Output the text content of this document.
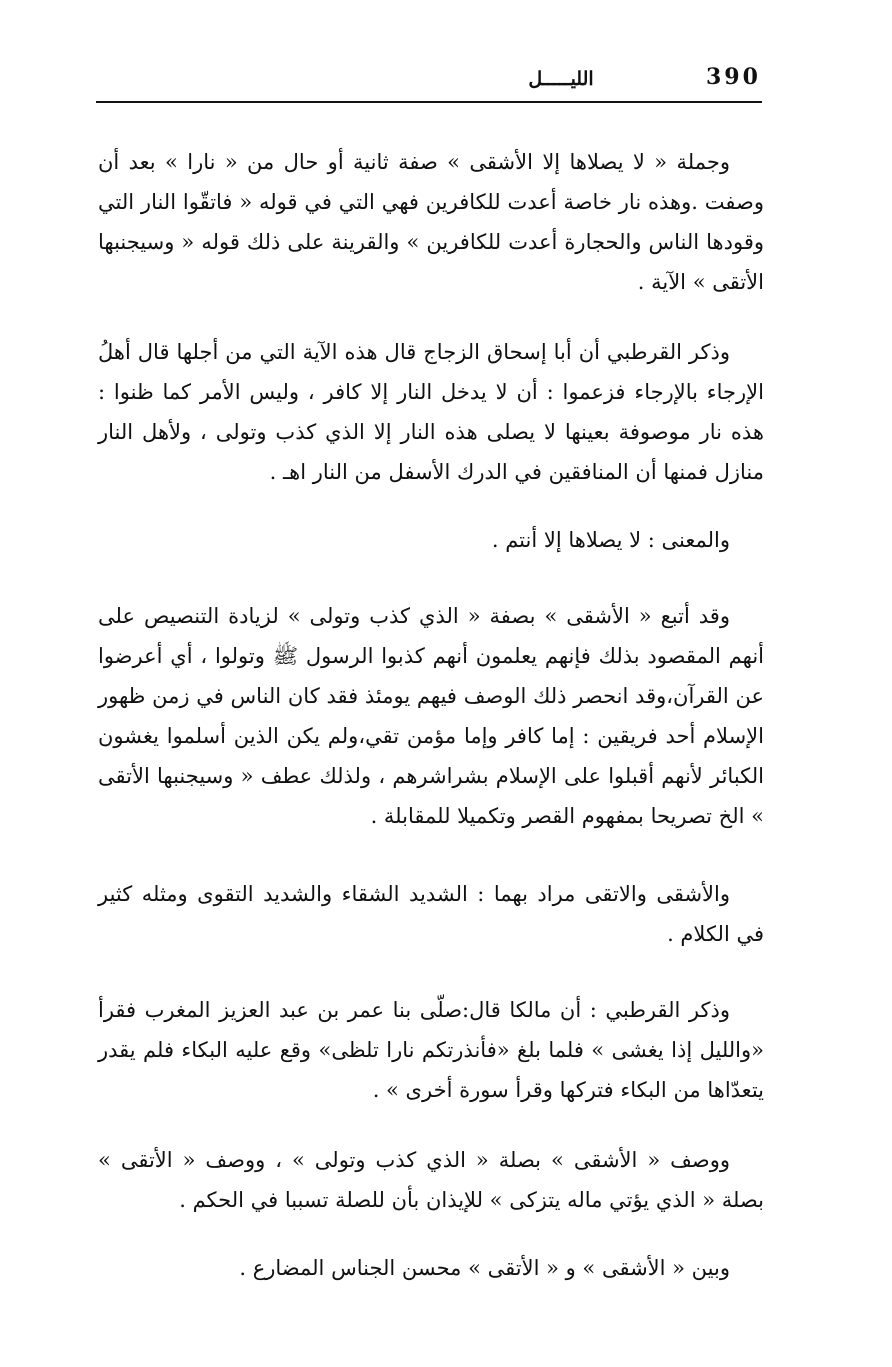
390
الليـــــل

وجملة « لا يصلاها إلا الأشقى » صفة ثانية أو حال من « نارا » بعد أن وصفت .وهذه نار خاصة أعدت للكافرين فهي التي في قوله « فاتقّوا النار التي وقودها الناس والحجارة أعدت للكافرين » والقرينة على ذلك قوله « وسيجنبها الأتقى » الآية .

وذكر القرطبي أن أبا إسحاق الزجاج قال هذه الآية التي من أجلها قال أهلُ الإرجاء بالإرجاء فزعموا : أن لا يدخل النار إلا كافر ، وليس الأمر كما ظنوا : هذه نار موصوفة بعينها لا يصلى هذه النار إلا الذي كذب وتولى ، ولأهل النار منازل فمنها أن المنافقين في الدرك الأسفل من النار اهـ .

والمعنى : لا يصلاها إلا أنتم .

وقد أتبع « الأشقى » بصفة « الذي كذب وتولى » لزيادة التنصيص على أنهم المقصود بذلك فإنهم يعلمون أنهم كذبوا الرسول ﷺ وتولوا ، أي أعرضوا عن القرآن،وقد انحصر ذلك الوصف فيهم يومئذ فقد كان الناس في زمن ظهور الإسلام أحد فريقين : إما كافر وإما مؤمن تقي،ولم يكن الذين أسلموا يغشون الكبائر لأنهم أقبلوا على الإسلام بشراشرهم ، ولذلك عطف « وسيجنبها الأتقى » الخ تصريحا بمفهوم القصر وتكميلا للمقابلة .

والأشقى والاتقى مراد بهما : الشديد الشقاء والشديد التقوى ومثله كثير في الكلام .

وذكر القرطبي : أن مالكا قال:صلّى بنا عمر بن عبد العزيز المغرب فقرأ «والليل إذا يغشى » فلما بلغ «فأنذرتكم نارا تلظى» وقع عليه البكاء فلم يقدر يتعدّاها من البكاء فتركها وقرأ سورة أخرى » .

ووصف « الأشقى » بصلة « الذي كذب وتولى » ، ووصف « الأتقى » بصلة « الذي يؤتي ماله يتزكى » للإيذان بأن للصلة تسببا في الحكم .

وبين « الأشقى » و « الأتقى » محسن الجناس المضارع .
